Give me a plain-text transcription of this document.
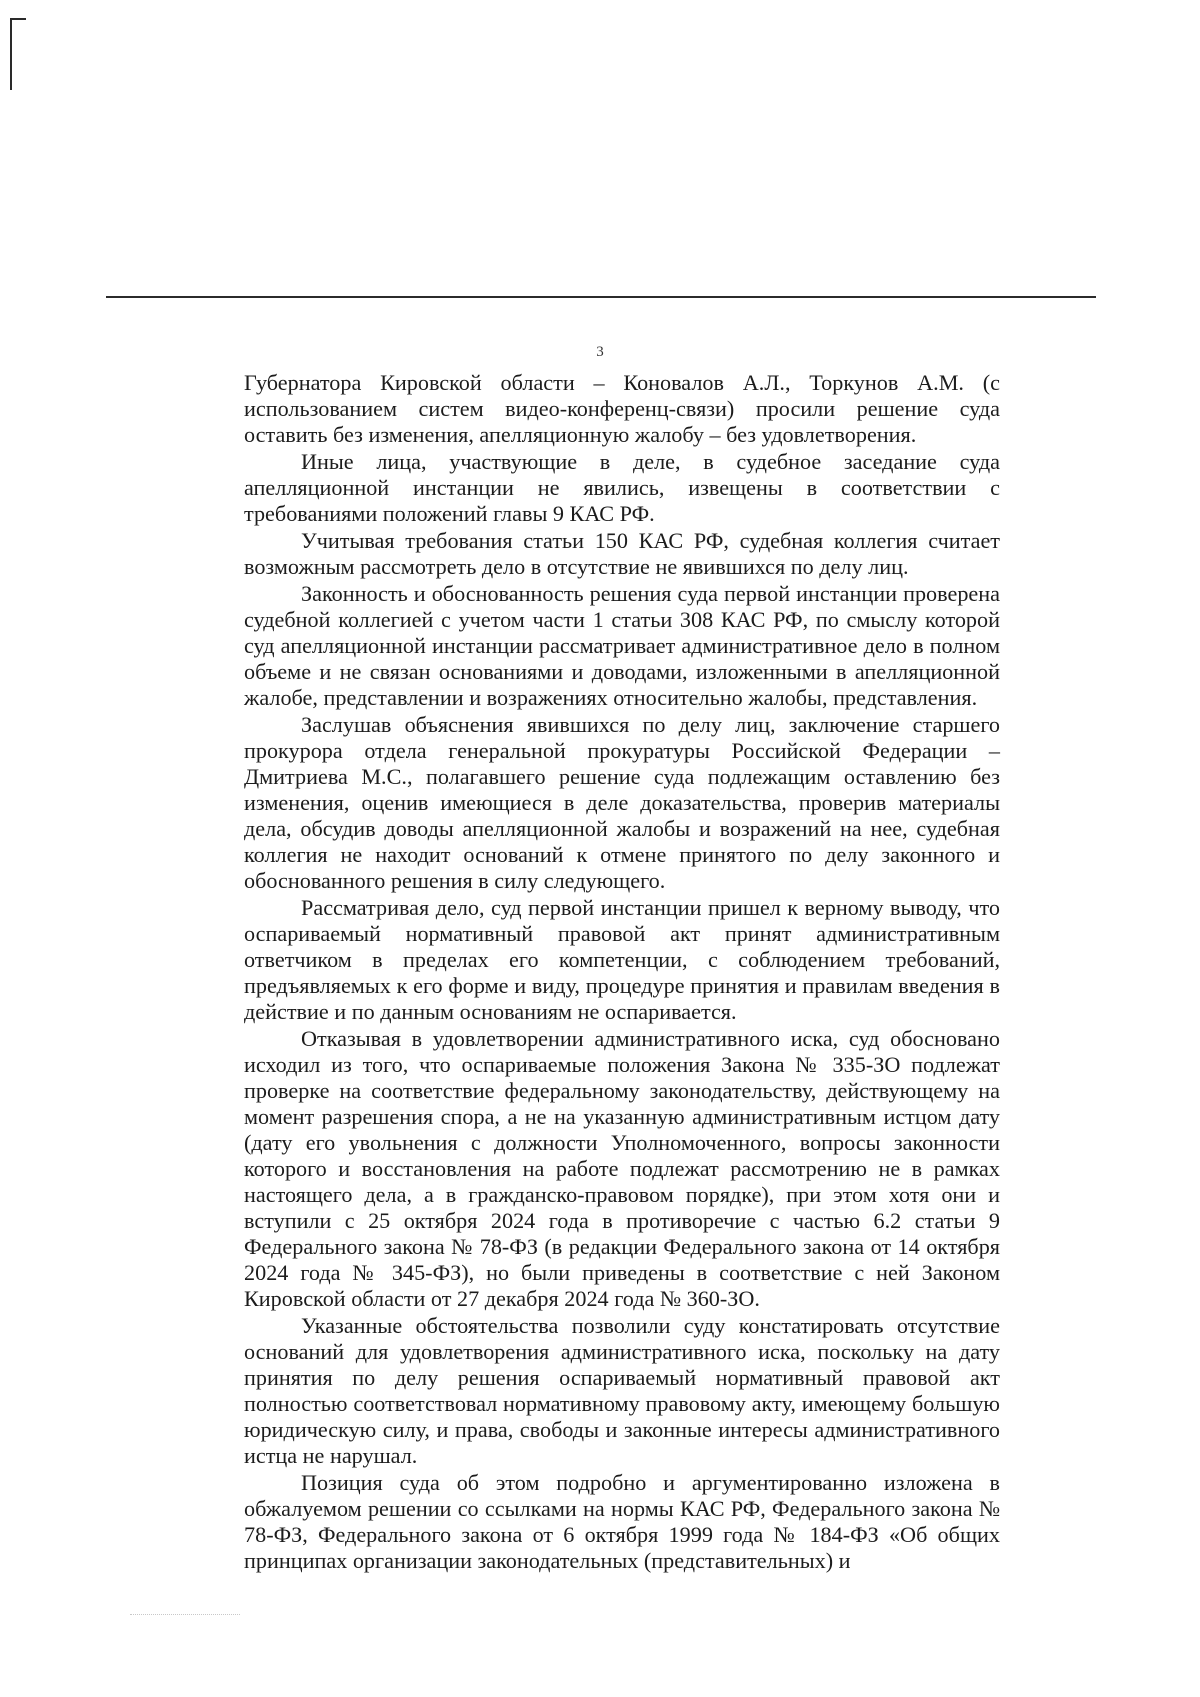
3

Губернатора Кировской области – Коновалов А.Л., Торкунов А.М. (с использованием систем видео-конференц-связи) просили решение суда оставить без изменения, апелляционную жалобу – без удовлетворения.

Иные лица, участвующие в деле, в судебное заседание суда апелляционной инстанции не явились, извещены в соответствии с требованиями положений главы 9 КАС РФ.

Учитывая требования статьи 150 КАС РФ, судебная коллегия считает возможным рассмотреть дело в отсутствие не явившихся по делу лиц.

Законность и обоснованность решения суда первой инстанции проверена судебной коллегией с учетом части 1 статьи 308 КАС РФ, по смыслу которой суд апелляционной инстанции рассматривает административное дело в полном объеме и не связан основаниями и доводами, изложенными в апелляционной жалобе, представлении и возражениях относительно жалобы, представления.

Заслушав объяснения явившихся по делу лиц, заключение старшего прокурора отдела генеральной прокуратуры Российской Федерации – Дмитриева М.С., полагавшего решение суда подлежащим оставлению без изменения, оценив имеющиеся в деле доказательства, проверив материалы дела, обсудив доводы апелляционной жалобы и возражений на нее, судебная коллегия не находит оснований к отмене принятого по делу законного и обоснованного решения в силу следующего.

Рассматривая дело, суд первой инстанции пришел к верному выводу, что оспариваемый нормативный правовой акт принят административным ответчиком в пределах его компетенции, с соблюдением требований, предъявляемых к его форме и виду, процедуре принятия и правилам введения в действие и по данным основаниям не оспаривается.

Отказывая в удовлетворении административного иска, суд обосновано исходил из того, что оспариваемые положения Закона № 335-ЗО подлежат проверке на соответствие федеральному законодательству, действующему на момент разрешения спора, а не на указанную административным истцом дату (дату его увольнения с должности Уполномоченного, вопросы законности которого и восстановления на работе подлежат рассмотрению не в рамках настоящего дела, а в гражданско-правовом порядке), при этом хотя они и вступили с 25 октября 2024 года в противоречие с частью 6.2 статьи 9 Федерального закона № 78-ФЗ (в редакции Федерального закона от 14 октября 2024 года № 345-ФЗ), но были приведены в соответствие с ней Законом Кировской области от 27 декабря 2024 года № 360-ЗО.

Указанные обстоятельства позволили суду констатировать отсутствие оснований для удовлетворения административного иска, поскольку на дату принятия по делу решения оспариваемый нормативный правовой акт полностью соответствовал нормативному правовому акту, имеющему большую юридическую силу, и права, свободы и законные интересы административного истца не нарушал.

Позиция суда об этом подробно и аргументированно изложена в обжалуемом решении со ссылками на нормы КАС РФ, Федерального закона № 78-ФЗ, Федерального закона от 6 октября 1999 года № 184-ФЗ «Об общих принципах организации законодательных (представительных) и
